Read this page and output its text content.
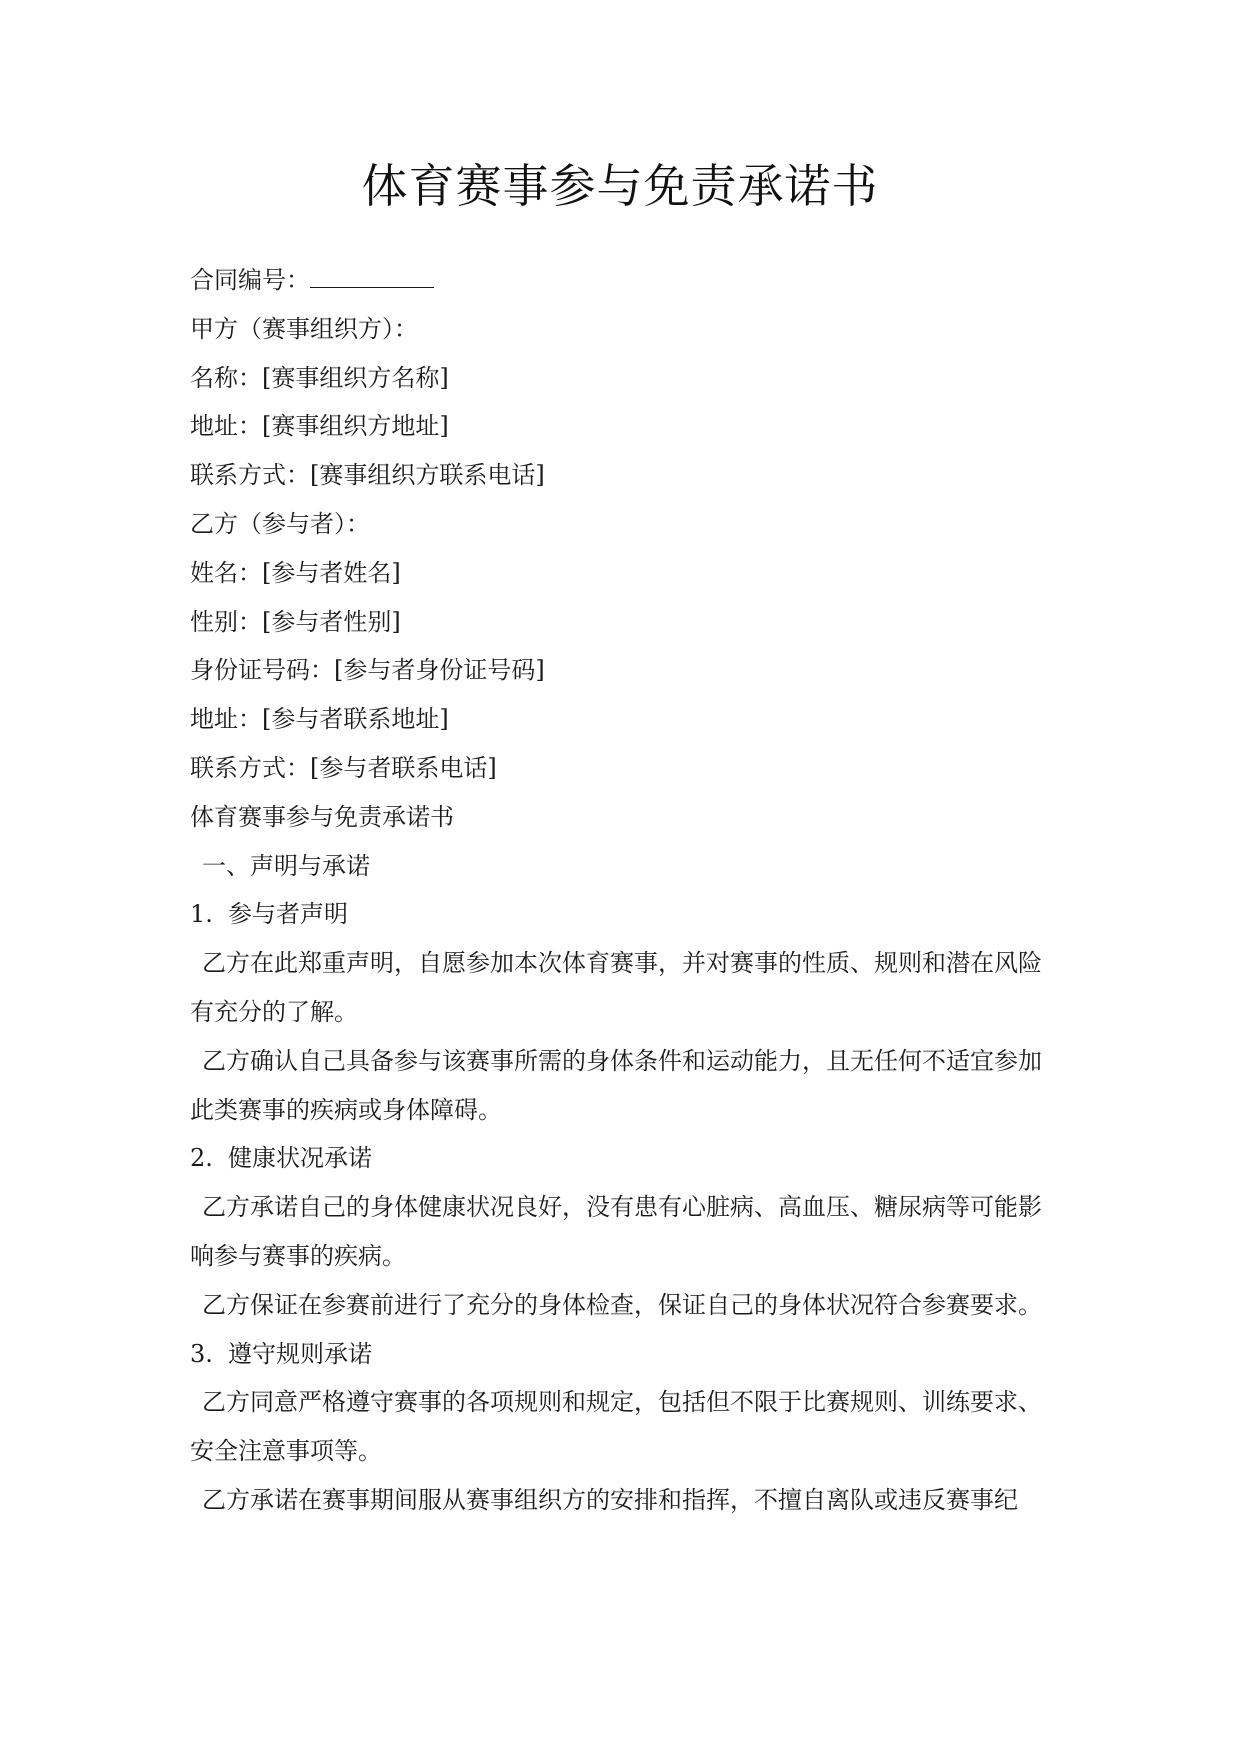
体育赛事参与免责承诺书

合同编号：

甲方（赛事组织方）：

名称：[赛事组织方名称]

地址：[赛事组织方地址]

联系方式：[赛事组织方联系电话]

乙方（参与者）：

姓名：[参与者姓名]

性别：[参与者性别]

身份证号码：[参与者身份证号码]

地址：[参与者联系地址]

联系方式：[参与者联系电话]

体育赛事参与免责承诺书

一、声明与承诺

1. 参与者声明

乙方在此郑重声明，自愿参加本次体育赛事，并对赛事的性质、规则和潜在风险有充分的了解。

乙方确认自己具备参与该赛事所需的身体条件和运动能力，且无任何不适宜参加此类赛事的疾病或身体障碍。

2. 健康状况承诺

乙方承诺自己的身体健康状况良好，没有患有心脏病、高血压、糖尿病等可能影响参与赛事的疾病。

乙方保证在参赛前进行了充分的身体检查，保证自己的身体状况符合参赛要求。

3. 遵守规则承诺

乙方同意严格遵守赛事的各项规则和规定，包括但不限于比赛规则、训练要求、安全注意事项等。

乙方承诺在赛事期间服从赛事组织方的安排和指挥，不擅自离队或违反赛事纪
